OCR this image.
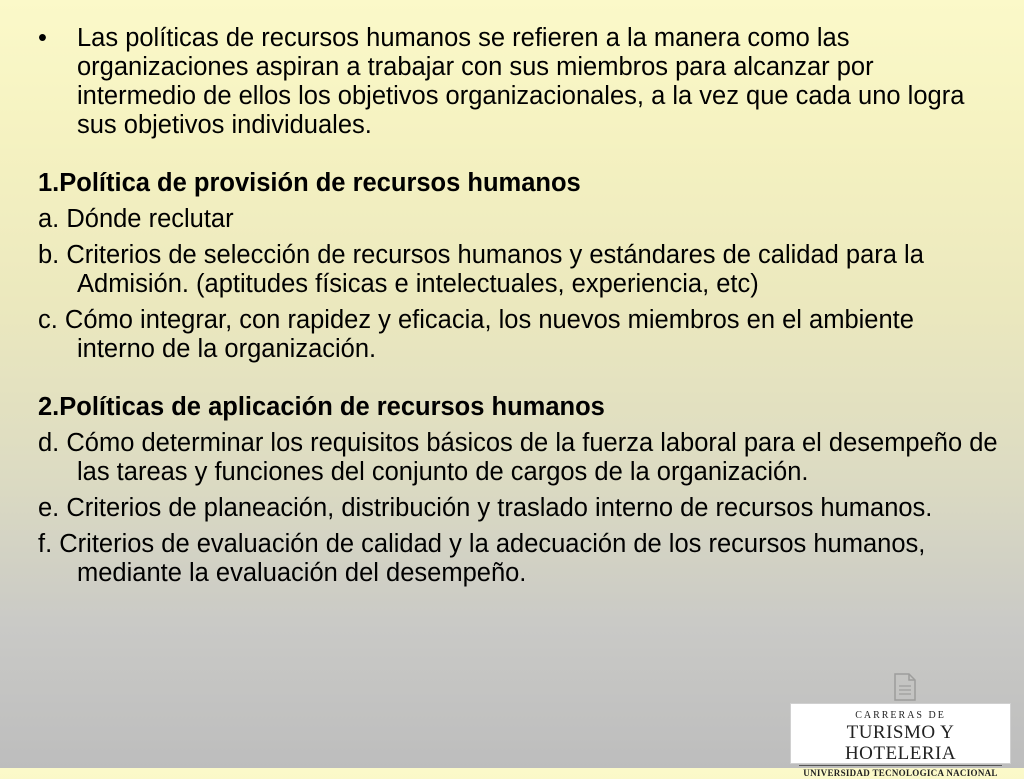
• Las políticas de recursos humanos se refieren a la manera como las organizaciones aspiran a trabajar con sus miembros para alcanzar por intermedio de ellos los objetivos organizacionales, a la vez que cada uno logra sus objetivos individuales.

1.Política de provisión de recursos humanos

a. Dónde reclutar

b. Criterios de selección de recursos humanos y estándares de calidad para la Admisión. (aptitudes físicas e intelectuales, experiencia, etc)

c. Cómo integrar, con rapidez y eficacia, los nuevos miembros en el ambiente interno de la organización.

2.Políticas de aplicación de recursos humanos

d. Cómo determinar los requisitos básicos de la fuerza laboral para el desempeño de las tareas y funciones del conjunto de cargos de la organización.

e. Criterios de planeación, distribución y traslado interno de recursos humanos.

f. Criterios de evaluación de calidad y la adecuación de los recursos humanos, mediante la evaluación del desempeño.

CARRERAS DE
TURISMO Y HOTELERIA
UNIVERSIDAD TECNOLOGICA NACIONAL
